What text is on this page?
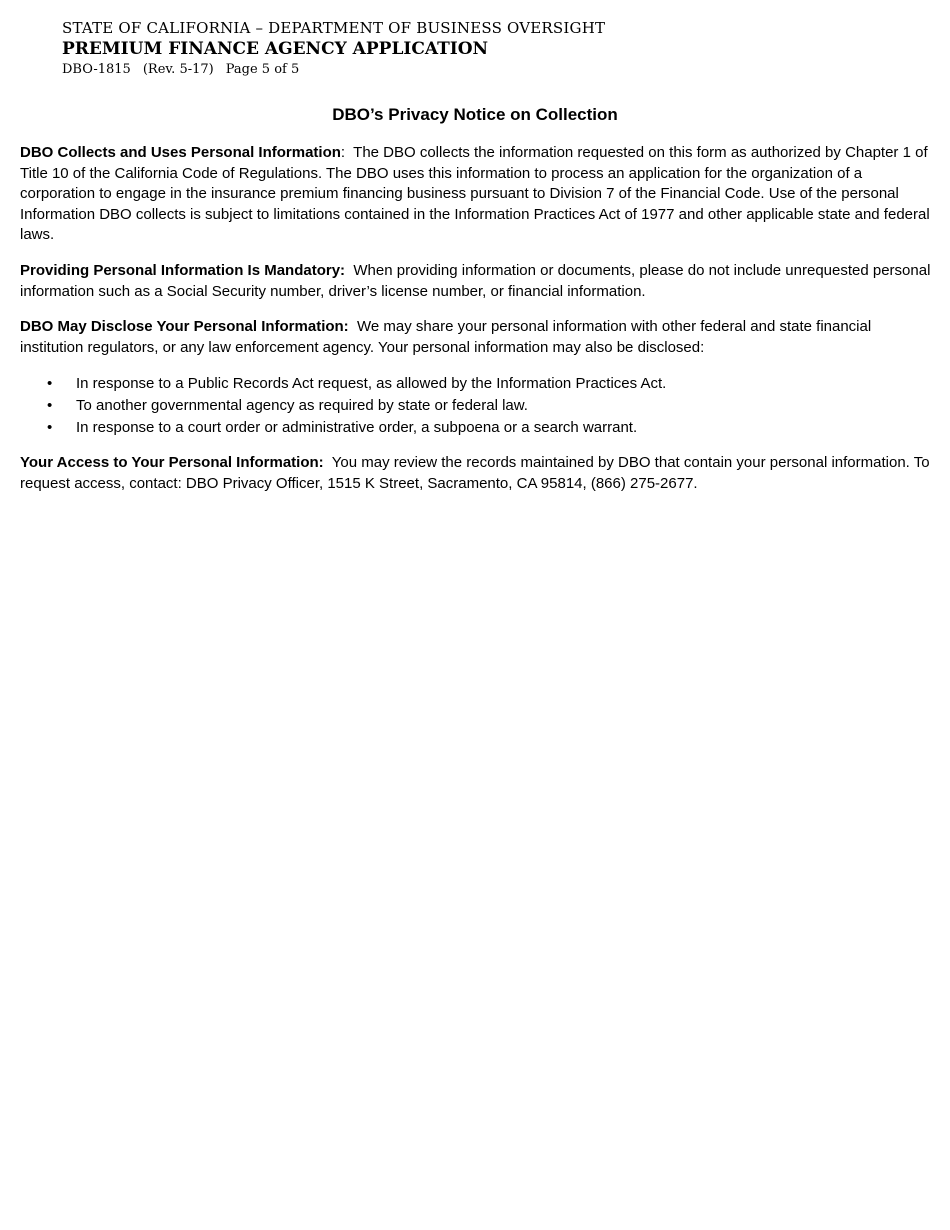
STATE OF CALIFORNIA – DEPARTMENT OF BUSINESS OVERSIGHT
PREMIUM FINANCE AGENCY APPLICATION
DBO-1815 (Rev. 5-17) Page 5 of 5
DBO’s Privacy Notice on Collection

DBO Collects and Uses Personal Information: The DBO collects the information requested on this form as authorized by Chapter 1 of Title 10 of the California Code of Regulations. The DBO uses this information to process an application for the organization of a corporation to engage in the insurance premium financing business pursuant to Division 7 of the Financial Code. Use of the personal Information DBO collects is subject to limitations contained in the Information Practices Act of 1977 and other applicable state and federal laws.

Providing Personal Information Is Mandatory: When providing information or documents, please do not include unrequested personal information such as a Social Security number, driver’s license number, or financial information.

DBO May Disclose Your Personal Information: We may share your personal information with other federal and state financial institution regulators, or any law enforcement agency. Your personal information may also be disclosed:

• In response to a Public Records Act request, as allowed by the Information Practices Act.
• To another governmental agency as required by state or federal law.
• In response to a court order or administrative order, a subpoena or a search warrant.

Your Access to Your Personal Information: You may review the records maintained by DBO that contain your personal information. To request access, contact: DBO Privacy Officer, 1515 K Street, Sacramento, CA 95814, (866) 275-2677.
